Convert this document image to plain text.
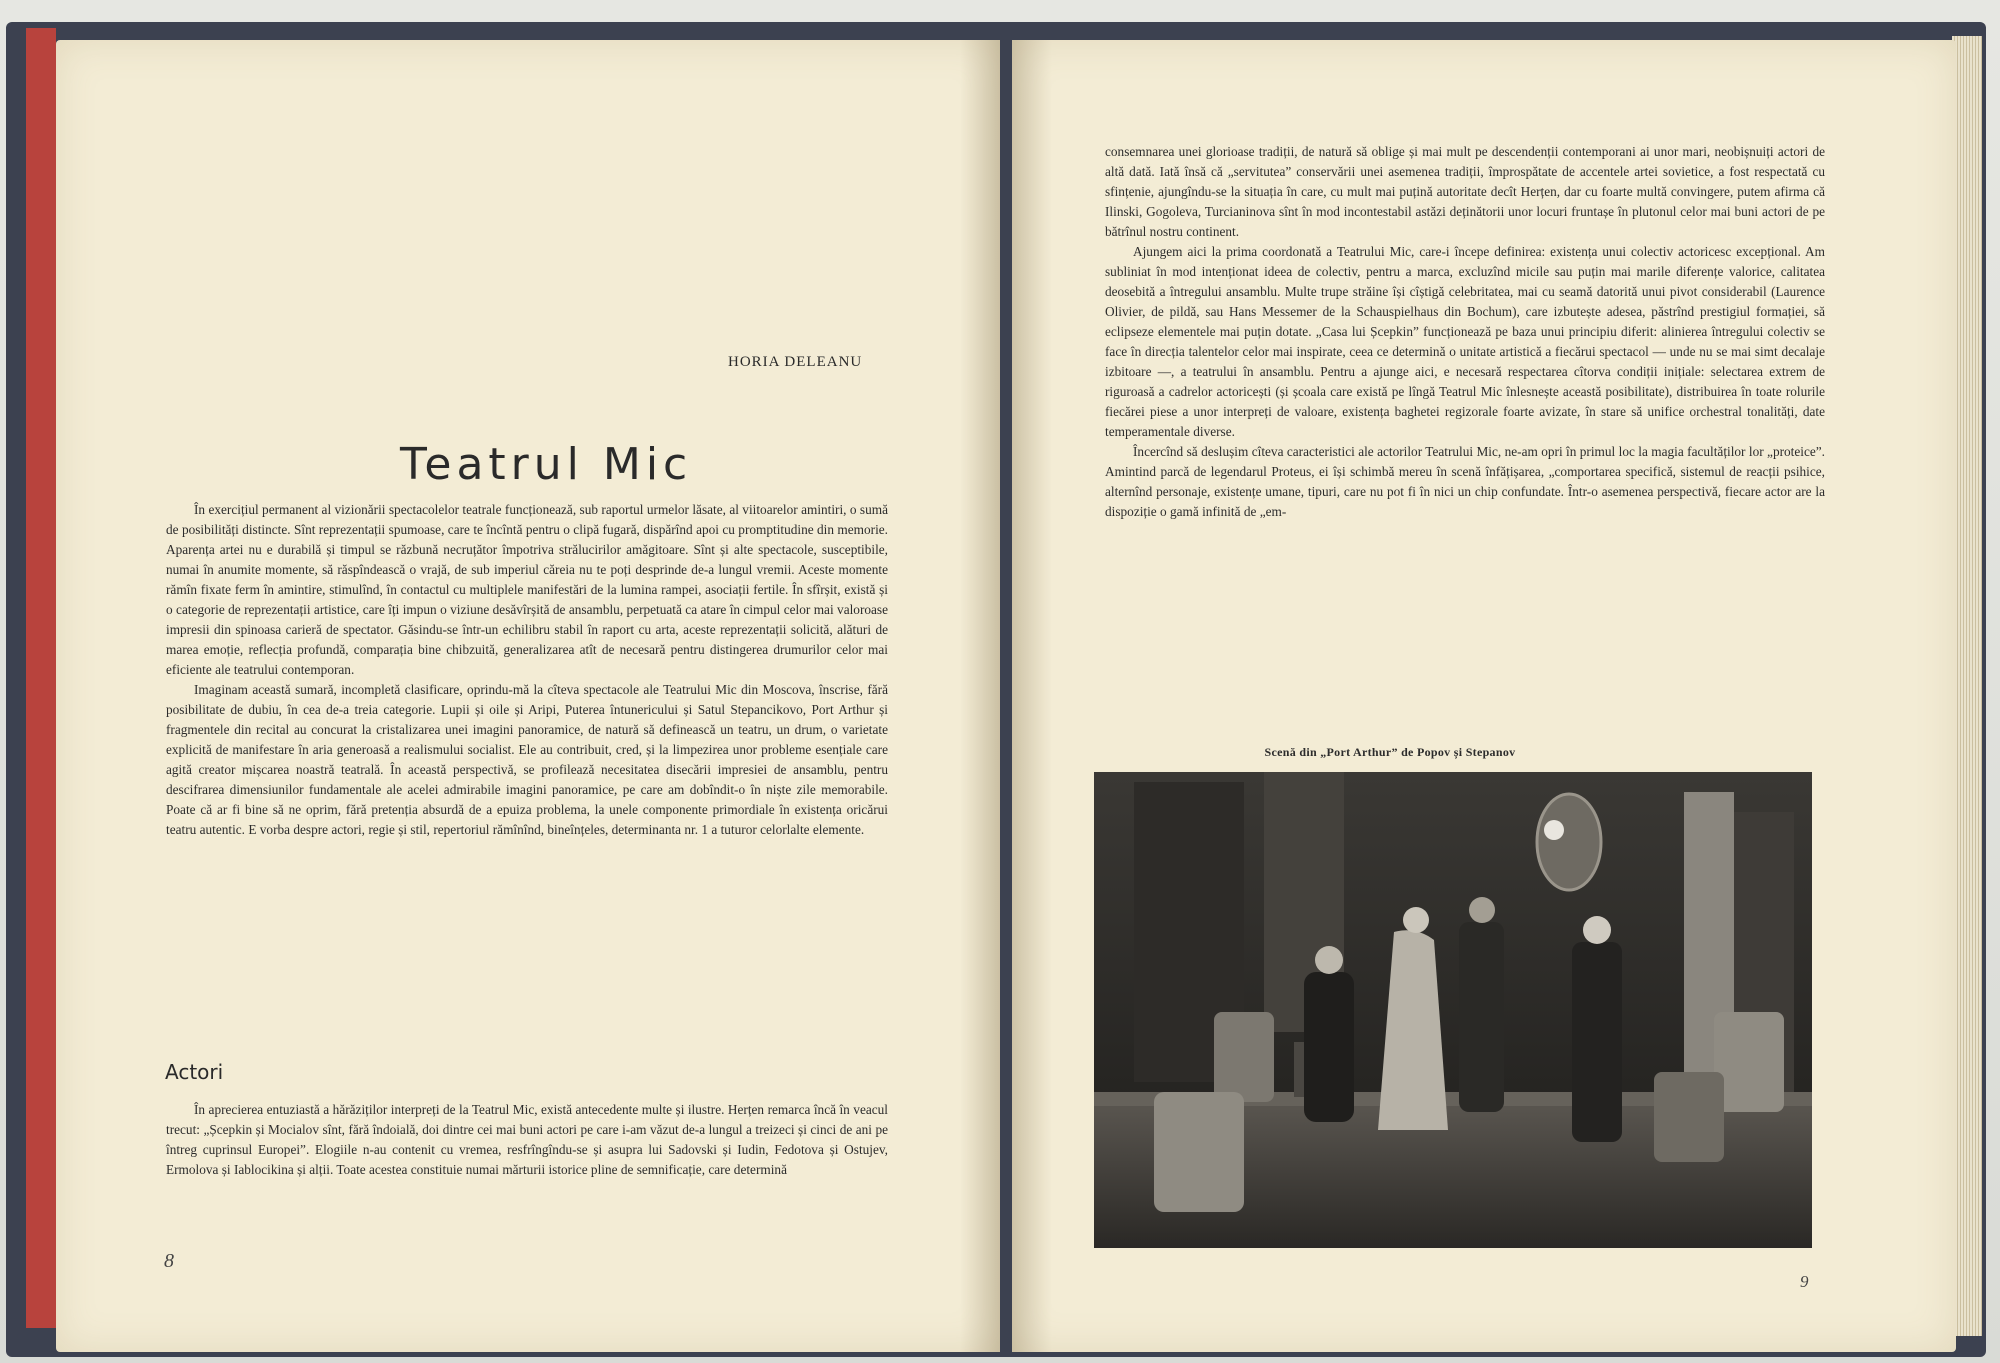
HORIA DELEANU
Teatrul Mic

În exercițiul permanent al vizionării spectacolelor teatrale funcționează, sub raportul urmelor lăsate, al viitoarelor amintiri, o sumă de posibilități distincte. Sînt reprezentații spumoase, care te încîntă pentru o clipă fugară, dispărînd apoi cu promptitudine din memorie. Aparența artei nu e durabilă și timpul se răzbună necruțător împotriva strălucirilor amăgitoare. Sînt și alte spectacole, susceptibile, numai în anumite momente, să răspîndească o vrajă, de sub imperiul căreia nu te poți desprinde de-a lungul vremii. Aceste momente rămîn fixate ferm în amintire, stimulînd, în contactul cu multiplele manifestări de la lumina rampei, asociații fertile. În sfîrșit, există și o categorie de reprezentații artistice, care îți impun o viziune desăvîrșită de ansamblu, perpetuată ca atare în cimpul celor mai valoroase impresii din spinoasa carieră de spectator. Găsindu-se într-un echilibru stabil în raport cu arta, aceste reprezentații solicită, alături de marea emoție, reflecția profundă, comparația bine chibzuită, generalizarea atît de necesară pentru distingerea drumurilor celor mai eficiente ale teatrului contemporan.

Imaginam această sumară, incompletă clasificare, oprindu-mă la cîteva spectacole ale Teatrului Mic din Moscova, înscrise, fără posibilitate de dubiu, în cea de-a treia categorie. Lupii și oile și Aripi, Puterea întunericului și Satul Stepancikovo, Port Arthur și fragmentele din recital au concurat la cristalizarea unei imagini panoramice, de natură să definească un teatru, un drum, o varietate explicită de manifestare în aria generoasă a realismului socialist. Ele au contribuit, cred, și la limpezirea unor probleme esențiale care agită creator mișcarea noastră teatrală. În această perspectivă, se profilează necesitatea disecării impresiei de ansamblu, pentru descifrarea dimensiunilor fundamentale ale acelei admirabile imagini panoramice, pe care am dobîndit-o în niște zile memorabile. Poate că ar fi bine să ne oprim, fără pretenția absurdă de a epuiza problema, la unele componente primordiale în existența oricărui teatru autentic. E vorba despre actori, regie și stil, repertoriul rămînînd, bineînțeles, determinanta nr. 1 a tuturor celorlalte elemente.

Actori

În aprecierea entuziastă a hărăziților interpreți de la Teatrul Mic, există antecedente multe și ilustre. Herțen remarca încă în veacul trecut: „Șcepkin și Mocialov sînt, fără îndoială, doi dintre cei mai buni actori pe care i-am văzut de-a lungul a treizeci și cinci de ani pe întreg cuprinsul Europei”. Elogiile n-au contenit cu vremea, resfrîngîndu-se și asupra lui Sadovski și Iudin, Fedotova și Ostujev, Ermolova și Iablocikina și alții. Toate acestea constituie numai mărturii istorice pline de semnificație, care determină

8

consemnarea unei glorioase tradiții, de natură să oblige și mai mult pe descendenții contemporani ai unor mari, neobișnuiți actori de altă dată. Iată însă că „servitutea” conservării unei asemenea tradiții, împrospătate de accentele artei sovietice, a fost respectată cu sfințenie, ajungîndu-se la situația în care, cu mult mai puțină autoritate decît Herțen, dar cu foarte multă convingere, putem afirma că Ilinski, Gogoleva, Turcianinova sînt în mod incontestabil astăzi deținătorii unor locuri fruntașe în plutonul celor mai buni actori de pe bătrînul nostru continent.

Ajungem aici la prima coordonată a Teatrului Mic, care-i începe definirea: existența unui colectiv actoricesc excepțional. Am subliniat în mod intenționat ideea de colectiv, pentru a marca, excluzînd micile sau puțin mai marile diferențe valorice, calitatea deosebită a întregului ansamblu. Multe trupe străine își cîștigă celebritatea, mai cu seamă datorită unui pivot considerabil (Laurence Olivier, de pildă, sau Hans Messemer de la Schauspielhaus din Bochum), care izbutește adesea, păstrînd prestigiul formației, să eclipseze elementele mai puțin dotate. „Casa lui Șcepkin” funcționează pe baza unui principiu diferit: alinierea întregului colectiv se face în direcția talentelor celor mai inspirate, ceea ce determină o unitate artistică a fiecărui spectacol — unde nu se mai simt decalaje izbitoare —, a teatrului în ansamblu. Pentru a ajunge aici, e necesară respectarea cîtorva condiții inițiale: selectarea extrem de riguroasă a cadrelor actoricești (și școala care există pe lîngă Teatrul Mic înlesnește această posibilitate), distribuirea în toate rolurile fiecărei piese a unor interpreți de valoare, existența baghetei regizorale foarte avizate, în stare să unifice orchestral tonalități, date temperamentale diverse.

Încercînd să deslușim cîteva caracteristici ale actorilor Teatrului Mic, ne-am opri în primul loc la magia facultăților lor „proteice”. Amintind parcă de legendarul Proteus, ei își schimbă mereu în scenă înfățișarea, „comportarea specifică, sistemul de reacții psihice, alternînd personaje, existențe umane, tipuri, care nu pot fi în nici un chip confundate. Într-o asemenea perspectivă, fiecare actor are la dispoziție o gamă infinită de „em-

Scenă din „Port Arthur” de Popov și Stepanov
9
